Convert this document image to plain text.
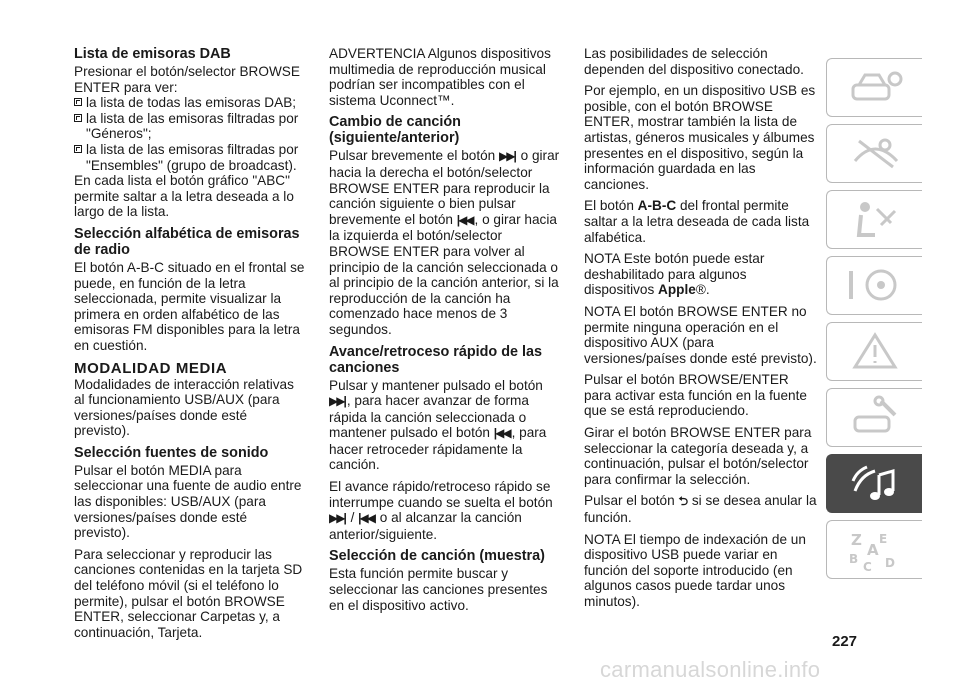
Lista de emisoras DAB

Presionar el botón/selector BROWSE ENTER para ver:

la lista de todas las emisoras DAB;
la lista de las emisoras filtradas por "Géneros";
la lista de las emisoras filtradas por "Ensembles" (grupo de broadcast).

En cada lista el botón gráfico "ABC" permite saltar a la letra deseada a lo largo de la lista.

Selección alfabética de emisoras de radio

El botón A-B-C situado en el frontal se puede, en función de la letra seleccionada, permite visualizar la primera en orden alfabético de las emisoras FM disponibles para la letra en cuestión.

MODALIDAD MEDIA

Modalidades de interacción relativas al funcionamiento USB/AUX (para versiones/países donde esté previsto).

Selección fuentes de sonido

Pulsar el botón MEDIA para seleccionar una fuente de audio entre las disponibles: USB/AUX (para versiones/países donde esté previsto).

Para seleccionar y reproducir las canciones contenidas en la tarjeta SD del teléfono móvil (si el teléfono lo permite), pulsar el botón BROWSE ENTER, seleccionar Carpetas y, a continuación, Tarjeta.

ADVERTENCIA Algunos dispositivos multimedia de reproducción musical podrían ser incompatibles con el sistema Uconnect™.

Cambio de canción (siguiente/anterior)

Pulsar brevemente el botón ▶▶| o girar hacia la derecha el botón/selector BROWSE ENTER para reproducir la canción siguiente o bien pulsar brevemente el botón |◀◀ , o girar hacia la izquierda el botón/selector BROWSE ENTER para volver al principio de la canción seleccionada o al principio de la canción anterior, si la reproducción de la canción ha comenzado hace menos de 3 segundos.

Avance/retroceso rápido de las canciones

Pulsar y mantener pulsado el botón ▶▶| , para hacer avanzar de forma rápida la canción seleccionada o mantener pulsado el botón |◀◀ , para hacer retroceder rápidamente la canción.

El avance rápido/retroceso rápido se interrumpe cuando se suelta el botón ▶▶| / |◀◀ o al alcanzar la canción anterior/siguiente.

Selección de canción (muestra)

Esta función permite buscar y seleccionar las canciones presentes en el dispositivo activo.

Las posibilidades de selección dependen del dispositivo conectado.

Por ejemplo, en un dispositivo USB es posible, con el botón BROWSE ENTER, mostrar también la lista de artistas, géneros musicales y álbumes presentes en el dispositivo, según la información guardada en las canciones.

El botón A-B-C del frontal permite saltar a la letra deseada de cada lista alfabética.

NOTA Este botón puede estar deshabilitado para algunos dispositivos Apple®.

NOTA El botón BROWSE ENTER no permite ninguna operación en el dispositivo AUX (para versiones/países donde esté previsto).

Pulsar el botón BROWSE/ENTER para activar esta función en la fuente que se está reproduciendo.

Girar el botón BROWSE ENTER para seleccionar la categoría deseada y, a continuación, pulsar el botón/selector para confirmar la selección.

Pulsar el botón ⮌ si se desea anular la función.

NOTA El tiempo de indexación de un dispositivo USB puede variar en función del soporte introducido (en algunos casos puede tardar unos minutos).

Z E
A
B
C D
227
carmanualsonline.info
